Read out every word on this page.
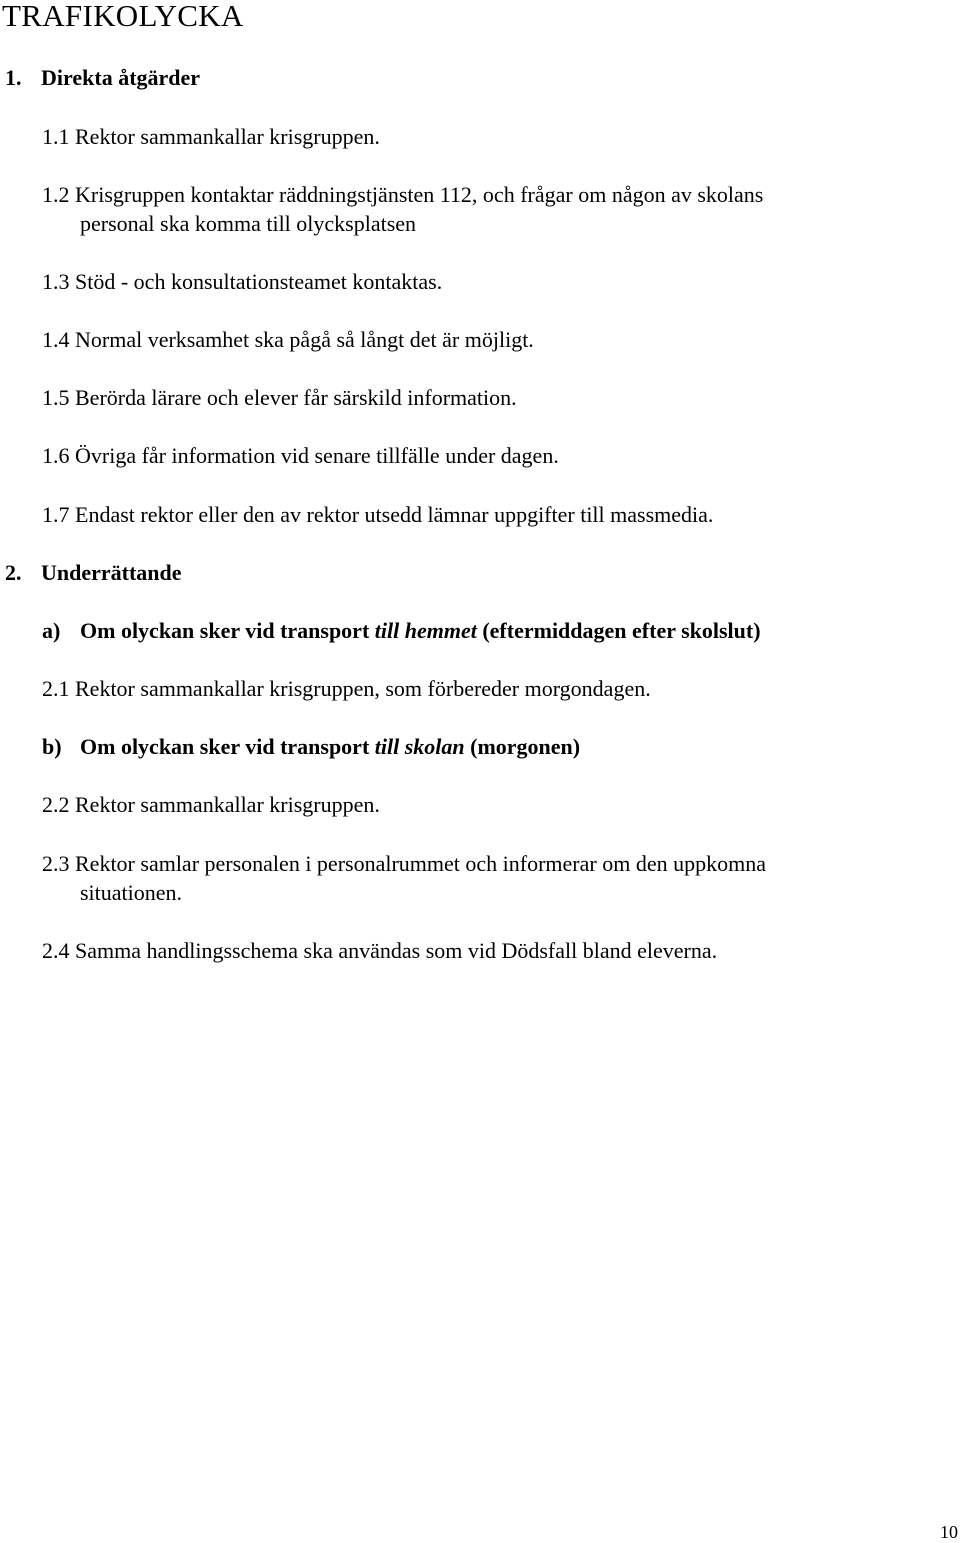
TRAFIKOLYCKA

1. Direkta åtgärder

1.1 Rektor sammankallar krisgruppen.

1.2 Krisgruppen kontaktar räddningstjänsten 112, och frågar om någon av skolans

personal ska komma till olycksplatsen

1.3 Stöd - och konsultationsteamet kontaktas.

1.4 Normal verksamhet ska pågå så långt det är möjligt.

1.5 Berörda lärare och elever får särskild information.

1.6 Övriga får information vid senare tillfälle under dagen.

1.7 Endast rektor eller den av rektor utsedd lämnar uppgifter till massmedia.

2. Underrättande

a) Om olyckan sker vid transport till hemmet (eftermiddagen efter skolslut)

2.1 Rektor sammankallar krisgruppen, som förbereder morgondagen.

b) Om olyckan sker vid transport till skolan (morgonen)

2.2 Rektor sammankallar krisgruppen.

2.3 Rektor samlar personalen i personalrummet och informerar om den uppkomna

situationen.

2.4 Samma handlingsschema ska användas som vid Dödsfall bland eleverna.

10
